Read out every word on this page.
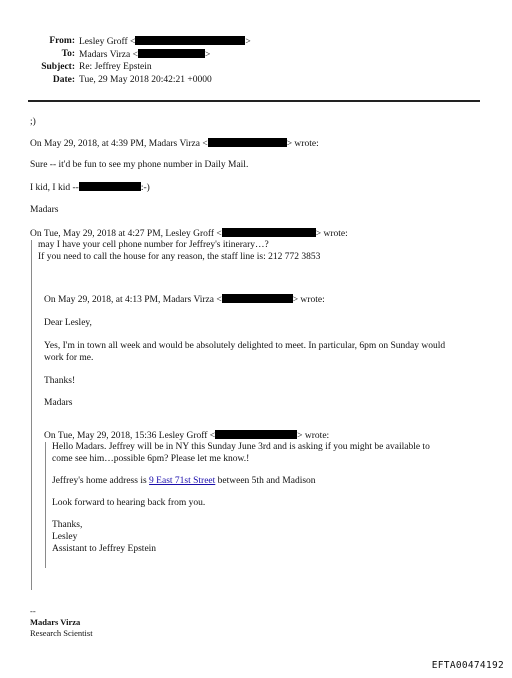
From: Lesley Groff <	>
To: Madars Virza <	>
Subject: Re: Jeffrey Epstein
Date: Tue, 29 May 2018 20:42:21 +0000
;)
On May 29, 2018, at 4:39 PM, Madars Virza <	> wrote:
Sure -- it'd be fun to see my phone number in Daily Mail.
I kid, I kid --	:-)
Madars
On Tue, May 29, 2018 at 4:27 PM, Lesley Groff <	> wrote:
may I have your cell phone number for Jeffrey's itinerary…?
If you need to call the house for any reason, the staff line is: 212 772 3853
On May 29, 2018, at 4:13 PM, Madars Virza <	> wrote:
Dear Lesley,
Yes, I'm in town all week and would be absolutely delighted to meet. In particular, 6pm on Sunday would
work for me.
Thanks!
Madars
On Tue, May 29, 2018, 15:36 Lesley Groff <	> wrote:
Hello Madars. Jeffrey will be in NY this Sunday June 3rd and is asking if you might be available to
come see him…possible 6pm? Please let me know.!
Jeffrey's home address is 9 East 71st Street between 5th and Madison
Look forward to hearing back from you.
Thanks,
Lesley
Assistant to Jeffrey Epstein
--
Madars Virza
Research Scientist
EFTA00474192
